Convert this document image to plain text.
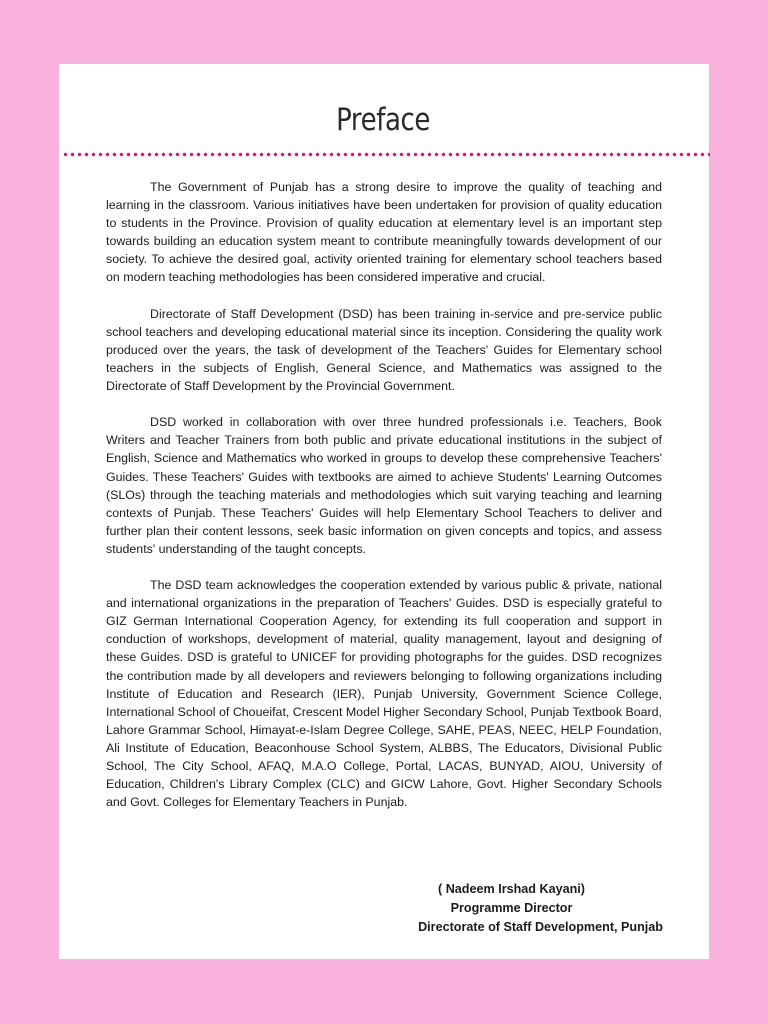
Preface

The Government of Punjab has a strong desire to improve the quality of teaching and learning in the classroom. Various initiatives have been undertaken for provision of quality education to students in the Province. Provision of quality education at elementary level is an important step towards building an education system meant to contribute meaningfully towards development of our society. To achieve the desired goal, activity oriented training for elementary school teachers based on modern teaching methodologies has been considered imperative and crucial.

Directorate of Staff Development (DSD) has been training in-service and pre-service public school teachers and developing educational material since its inception. Considering the quality work produced over the years, the task of development of the Teachers' Guides for Elementary school teachers in the subjects of English, General Science, and Mathematics was assigned to the Directorate of Staff Development by the Provincial Government.

DSD worked in collaboration with over three hundred professionals i.e. Teachers, Book Writers and Teacher Trainers from both public and private educational institutions in the subject of English, Science and Mathematics who worked in groups to develop these comprehensive Teachers' Guides. These Teachers' Guides with textbooks are aimed to achieve Students' Learning Outcomes (SLOs) through the teaching materials and methodologies which suit varying teaching and learning contexts of Punjab. These Teachers' Guides will help Elementary School Teachers to deliver and further plan their content lessons, seek basic information on given concepts and topics, and assess students' understanding of the taught concepts.

The DSD team acknowledges the cooperation extended by various public & private, national and international organizations in the preparation of Teachers' Guides. DSD is especially grateful to GIZ German International Cooperation Agency, for extending its full cooperation and support in conduction of workshops, development of material, quality management, layout and designing of these Guides. DSD is grateful to UNICEF for providing photographs for the guides. DSD recognizes the contribution made by all developers and reviewers belonging to following organizations including Institute of Education and Research (IER), Punjab University, Government Science College, International School of Choueifat, Crescent Model Higher Secondary School, Punjab Textbook Board, Lahore Grammar School, Himayat-e-Islam Degree College, SAHE, PEAS, NEEC, HELP Foundation, Ali Institute of Education, Beaconhouse School System, ALBBS, The Educators, Divisional Public School, The City School, AFAQ, M.A.O College, Portal, LACAS, BUNYAD, AIOU, University of Education, Children's Library Complex (CLC) and GICW Lahore, Govt. Higher Secondary Schools and Govt. Colleges for Elementary Teachers in Punjab.

( Nadeem Irshad Kayani)
Programme Director
Directorate of Staff Development, Punjab
